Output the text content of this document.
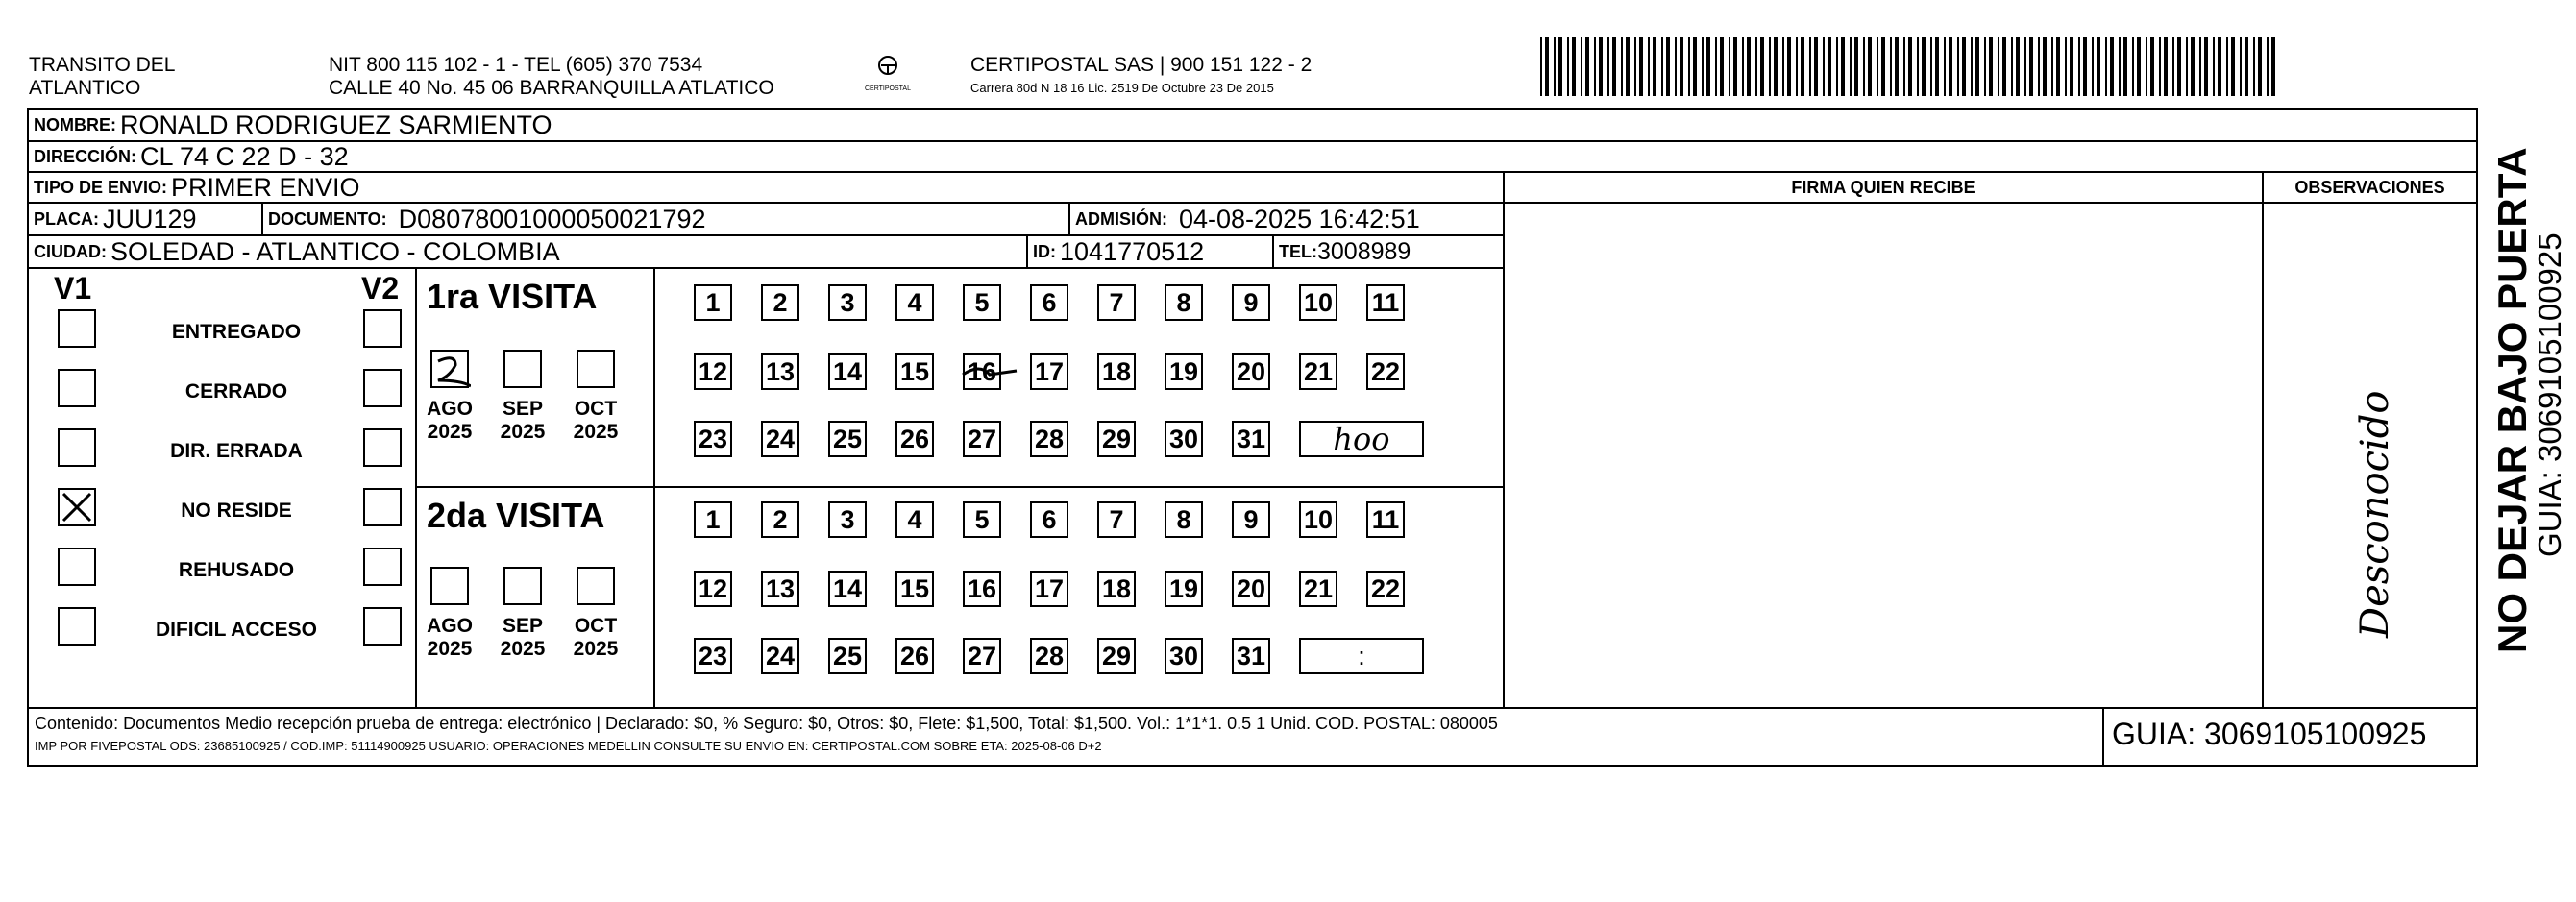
TRANSITO DEL
ATLANTICO
NIT 800 115 102 - 1 - TEL (605) 370 7534
CALLE 40 No. 45 06 BARRANQUILLA ATLATICO	CERTIPOSTAL
CERTIPOSTAL SAS | 900 151 122 - 2
Carrera 80d N 18 16 Lic. 2519 De Octubre 23 De 2015
NOMBRE: RONALD RODRIGUEZ SARMIENTO
DIRECCIÓN: CL 74 C 22 D - 32
TIPO DE ENVIO: PRIMER ENVIO	FIRMA QUIEN RECIBE	OBSERVACIONES
PLACA: JUU129	DOCUMENTO: D08078001000050021792	ADMISIÓN: 04-08-2025 16:42:51
CIUDAD: SOLEDAD - ATLANTICO - COLOMBIA	ID: 1041770512	TEL: 3008989
V1	V2
ENTREGADO
CERRADO
DIR. ERRADA
NO RESIDE
REHUSADO
DIFICIL ACCESO
1ra VISITA
2da VISITA
AGO
2025
SEP
2025
OCT
2025
AGO
2025
SEP
2025
OCT
2025
1	2	3	4	5	6	7	8	9	10 11
12 13 14 15 16 17 18 19 20 21 22
23 24 25 26 27 28 29 30 31	hoo
1	2	3	4	5	6	7	8	9	10 11
12 13 14 15 16 17 18 19 20 21 22
23 24 25 26 27 28 29 30 31	:
Desconocido
Contenido: Documentos Medio recepción prueba de entrega: electrónico | Declarado: $0, % Seguro: $0, Otros: $0, Flete: $1,500, Total: $1,500. Vol.: 1*1*1. 0.5 1 Unid. COD. POSTAL: 080005
IMP POR FIVEPOSTAL ODS: 23685100925 / COD.IMP: 51114900925 USUARIO: OPERACIONES MEDELLIN CONSULTE SU ENVIO EN: CERTIPOSTAL.COM SOBRE ETA: 2025-08-06 D+2	GUIA: 3069105100925
NO DEJAR BAJO PUERTA
GUIA: 3069105100925
